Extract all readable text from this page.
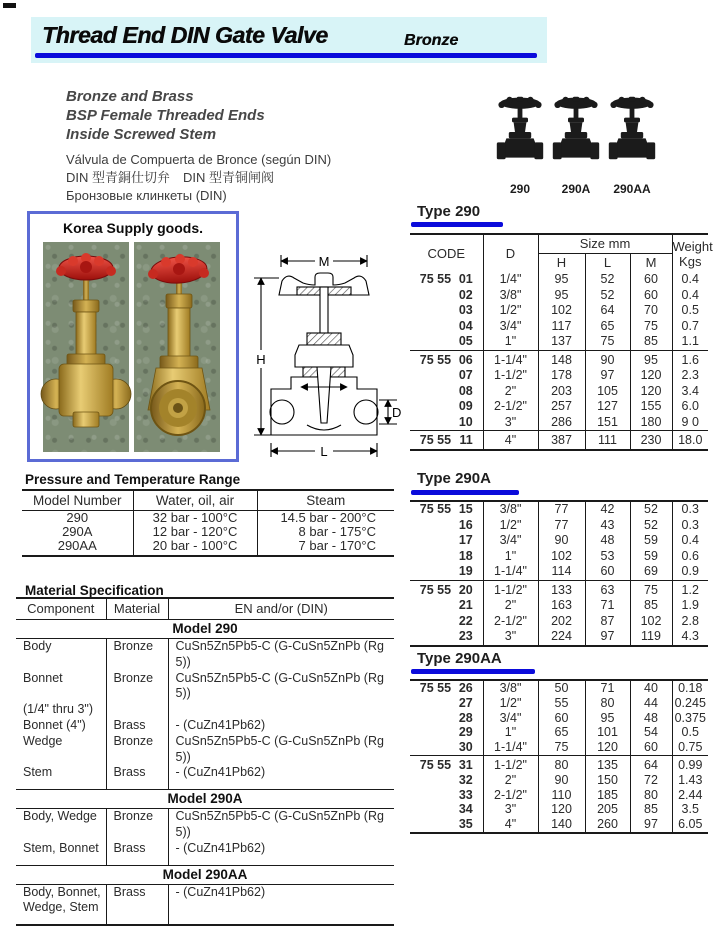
Thread End DIN Gate Valve	Bronze
Bronze and Brass
BSP Female Threaded Ends
Inside Screwed Stem
Válvula de Compuerta de Bronce (según DIN)
DIN 型青銅仕切弁　DIN 型青铜闸阀
Бронзовые клинкеты (DIN)	290	290A 290AA
Korea Supply goods.
M
H
D
L
Type 290
CODE	D	Size mm			Weight
Kgs

		H	L	M	
75 55 01	1/4"	95	52	60	0.4
02	3/8"	95	52	60	0.4
03	1/2"	102	64	70	0.5
04	3/4"	117	65	75	0.7
05	1"	137	75	85	1.1
75 55 06	1-1/4"	148	90	95	1.6
07	1-1/2"	178	97	120	2.3
08	2"	203	105	120	3.4
09	2-1/2"	257	127	155	6.0
10	3"	286	151	180	9 0
75 55 11	4"	387	111	230	18.0
Type 290A
75 55 15	3/8"	77	42	52	0.3
16	1/2"	77	43	52	0.3
17	3/4"	90	48	59	0.4
18	1"	102	53	59	0.6
19	1-1/4"	114	60	69	0.9
75 55 20	1-1/2"	133	63	75	1.2
21	2"	163	71	85	1.9
22	2-1/2"	202	87	102	2.8
23	3"	224	97	119	4.3
Type 290AA
75 55 26	3/8"	50	71	40	0.18
27	1/2"	55	80	44	0.245
28	3/4"	60	95	48	0.375
29	1"	65	101	54	0.5
30	1-1/4"	75	120	60	0.75
75 55 31	1-1/2"	80	135	64	0.99
32	2"	90	150	72	1.43
33	2-1/2"	110	185	80	2.44
34	3"	120	205	85	3.5
35	4"	140	260	97	6.05
Pressure and Temperature Range
Model Number	Water, oil, air	Steam
290	32 bar - 100°C	14.5 bar - 200°C
290A	12 bar - 120°C	8 bar - 175°C
290AA	20 bar - 100°C	7 bar - 170°C
Material Specification
Component	Material	EN and/or (DIN)
Model 290		
Body	Bronze	CuSn5Zn5Pb5-C (G-CuSn5ZnPb (Rg 5))
Bonnet	Bronze	CuSn5Zn5Pb5-C (G-CuSn5ZnPb (Rg 5))
(1/4" thru 3")		
Bonnet (4")	Brass	- (CuZn41Pb62)
Wedge	Bronze	CuSn5Zn5Pb5-C (G-CuSn5ZnPb (Rg 5))
Stem	Brass	- (CuZn41Pb62)
Model 290A		
Body, Wedge	Bronze	CuSn5Zn5Pb5-C (G-CuSn5ZnPb (Rg 5))
Stem, Bonnet	Brass	- (CuZn41Pb62)
Model 290AA		
Body, Bonnet,	Brass	- (CuZn41Pb62)
Wedge, Stem		
